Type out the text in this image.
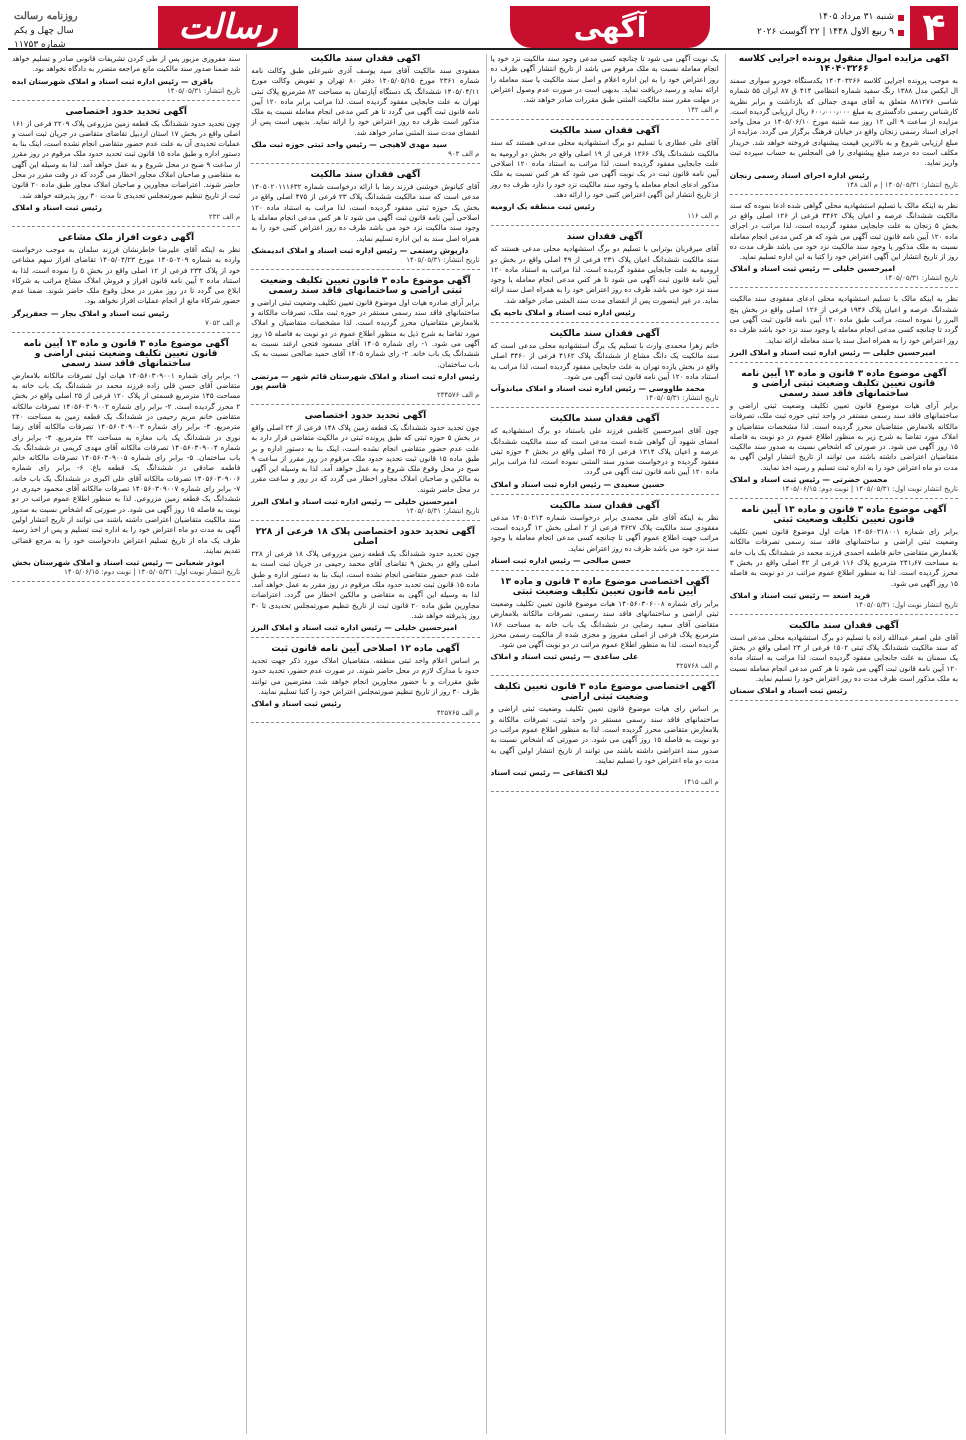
۴
شنبه ۳۱ مرداد ۱۴۰۵
۹ ربیع الاول ۱۴۴۸ | ۲۲ آگوست ۲۰۲۶
آگهی
رسالت
روزنامه رسالت
سال چهل و یکم
شماره ۱۱۷۵۳
آگهی مزایده اموال منقول پرونده اجرایی کلاسه ۱۴۰۴۰۳۲۶۶
به موجب پرونده اجرایی کلاسه ۱۴۰۴۰۳۲۶۶ یکدستگاه خودرو سواری سمند ال ایکس مدل ۱۳۸۸ رنگ سفید شماره انتظامی ۴۱۴ ق ۸۷ ایران ۵۵ شماره شاسی ۸۸۱۲۷۶ متعلق به آقای مهدی جمالی که بازداشت و برابر نظریه کارشناس رسمی دادگستری به مبلغ ۶۰۰٫۰۰۰٫۰۰۰ ریال ارزیابی گردیده است. مزایده از ساعت ۹ الی ۱۲ روز سه شنبه مورخ ۱۴۰۵/۰۶/۱۰ در محل واحد اجرای اسناد رسمی زنجان واقع در خیابان فرهنگ برگزار می گردد. مزایده از مبلغ ارزیابی شروع و به بالاترین قیمت پیشنهادی فروخته خواهد شد. خریدار مکلف است ده درصد مبلغ پیشنهادی را فی المجلس به حساب سپرده ثبت واریز نماید.
رئیس اداره اجرای اسناد رسمی زنجان
تاریخ انتشار: ۱۴۰۵/۰۵/۳۱ | م الف ۱۴۸
نظر به اینکه مالک با تسلیم استشهادیه محلی گواهی شده ادعا نموده که سند مالکیت ششدانگ عرصه و اعیان پلاک ۳۴۶۲ فرعی از ۱۲۶ اصلی واقع در بخش ۵ زنجان به علت جابجایی مفقود گردیده است، لذا مراتب در اجرای ماده ۱۲۰ آیین نامه قانون ثبت آگهی می شود که هر کس مدعی انجام معامله نسبت به ملک مذکور یا وجود سند مالکیت نزد خود می باشد ظرف مدت ده روز از تاریخ انتشار این آگهی اعتراض خود را کتبا به این اداره تسلیم نماید.
امیرحسین خلیلی — رئیس ثبت اسناد و املاک
تاریخ انتشار: ۱۴۰۵/۰۵/۳۱
نظر به اینکه مالک با تسلیم استشهادیه محلی ادعای مفقودی سند مالکیت ششدانگ عرصه و اعیان پلاک ۱۹۴۶ فرعی از ۱۲۶ اصلی واقع در بخش پنج البرز را نموده است، مراتب طبق ماده ۱۲۰ آیین نامه قانون ثبت آگهی می گردد تا چنانچه کسی مدعی انجام معامله یا وجود سند نزد خود باشد ظرف ده روز اعتراض خود را به همراه اصل سند یا سند معامله ارائه نماید.
امیرحسین خلیلی — رئیس اداره ثبت اسناد و املاک البرز
آگهی موضوع ماده ۳ قانون و ماده ۱۳ آیین نامه قانون تعیین تکلیف وضعیت ثبتی اراضی و ساختمانهای فاقد سند رسمی
برابر آرای هیات موضوع قانون تعیین تکلیف وضعیت ثبتی اراضی و ساختمانهای فاقد سند رسمی مستقر در واحد ثبتی حوزه ثبت ملک، تصرفات مالکانه بلامعارض متقاضیان محرز گردیده است. لذا مشخصات متقاضیان و املاک مورد تقاضا به شرح زیر به منظور اطلاع عموم در دو نوبت به فاصله ۱۵ روز آگهی می شود. در صورتی که اشخاص نسبت به صدور سند مالکیت متقاضیان اعتراضی داشته باشند می توانند از تاریخ انتشار اولین آگهی به مدت دو ماه اعتراض خود را به اداره ثبت تسلیم و رسید اخذ نمایند.
محسن حضرتی — رئیس ثبت اسناد و املاک
تاریخ انتشار نوبت اول: ۱۴۰۵/۰۵/۳۱ | نوبت دوم: ۱۴۰۵/۰۶/۱۵
آگهی موضوع ماده ۳ قانون و ماده ۱۳ آیین نامه قانون تعیین تکلیف وضعیت ثبتی
برابر رای شماره ۱۴۰۵۶۰۳۱۸۰۰۱ هیات اول موضوع قانون تعیین تکلیف وضعیت ثبتی اراضی و ساختمانهای فاقد سند رسمی تصرفات مالکانه بلامعارض متقاضی خانم فاطمه احمدی فرزند محمد در ششدانگ یک باب خانه به مساحت ۲۴۱٫۶۷ مترمربع پلاک ۱۱۶ فرعی از ۴۲ اصلی واقع در بخش ۳ محرز گردیده است. لذا به منظور اطلاع عموم مراتب در دو نوبت به فاصله ۱۵ روز آگهی می شود.
فرید اسعد — رئیس ثبت اسناد و املاک
تاریخ انتشار نوبت اول: ۱۴۰۵/۰۵/۳۱
آگهی فقدان سند مالکیت
آقای علی اصغر عبدالله زاده با تسلیم دو برگ استشهادیه محلی مدعی است که سند مالکیت ششدانگ پلاک ثبتی ۱۵۰۲ فرعی از ۲۴ اصلی واقع در بخش یک سمنان به علت جابجایی مفقود گردیده است. لذا مراتب به استناد ماده ۱۲۰ آیین نامه قانون ثبت آگهی می شود تا هر کس مدعی انجام معامله نسبت به ملک مذکور است ظرف مدت ده روز اعتراض خود را تسلیم نماید.
رئیس ثبت اسناد و املاک سمنان
یک نوبت آگهی می شود تا چنانچه کسی مدعی وجود سند مالکیت نزد خود یا انجام معامله نسبت به ملک مرقوم می باشد از تاریخ انتشار آگهی ظرف ده روز اعتراض خود را به این اداره اعلام و اصل سند مالکیت یا سند معامله را ارائه نماید و رسید دریافت نماید. بدیهی است در صورت عدم وصول اعتراض در مهلت مقرر سند مالکیت المثنی طبق مقررات صادر خواهد شد.
م الف ۱۴۲
آگهی فقدان سند مالکیت
آقای علی عطاری با تسلیم دو برگ استشهادیه محلی مدعی هستند که سند مالکیت ششدانگ پلاک ۱۲۶۶ فرعی از ۱۹ اصلی واقع در بخش دو ارومیه به علت جابجایی مفقود گردیده است. لذا مراتب به استناد ماده ۱۲۰ اصلاحی آیین نامه قانون ثبت در یک نوبت آگهی می شود که هر کس نسبت به ملک مذکور ادعای انجام معامله یا وجود سند مالکیت نزد خود را دارد ظرف ده روز از تاریخ انتشار این آگهی اعتراض کتبی خود را ارائه دهد.
رئیس ثبت منطقه یک ارومیه
م الف ۱۱۶
آگهی فقدان سند
آقای میرقربان بوترابی با تسلیم دو برگ استشهادیه محلی مدعی هستند که سند مالکیت ششدانگ اعیان پلاک ۲۳۱ فرعی از ۴۹ اصلی واقع در بخش دو ارومیه به علت جابجایی مفقود گردیده است. لذا مراتب به استناد ماده ۱۲۰ آیین نامه قانون ثبت آگهی می شود تا هر کس مدعی انجام معامله یا وجود سند نزد خود می باشد ظرف ده روز اعتراض خود را به همراه اصل سند ارائه نماید. در غیر اینصورت پس از انقضای مدت سند المثنی صادر خواهد شد.
رئیس اداره ثبت اسناد و املاک ناحیه یک
آگهی فقدان سند مالکیت
خانم زهرا محمدی وارث با تسلیم یک برگ استشهادیه محلی مدعی است که سند مالکیت یک دانگ مشاع از ششدانگ پلاک ۴۱۶۲ فرعی از ۳۴۶۰ اصلی واقع در بخش یازده تهران به علت جابجایی مفقود گردیده است، لذا مراتب به استناد ماده ۱۲۰ آیین نامه قانون ثبت آگهی می شود.
محمد طاووسی — رئیس اداره ثبت اسناد و املاک میاندوآب
تاریخ انتشار: ۱۴۰۵/۰۵/۳۱
آگهی فقدان سند مالکیت
چون آقای امیرحسین کاظمی فرزند علی باستناد دو برگ استشهادیه که امضای شهود آن گواهی شده است مدعی است که سند مالکیت ششدانگ عرصه و اعیان پلاک ۱۳۱۴ فرعی از ۴۵ اصلی واقع در بخش ۴ حوزه ثبتی مفقود گردیده و درخواست صدور سند المثنی نموده است، لذا مراتب برابر ماده ۱۲۰ آیین نامه قانون ثبت آگهی می گردد.
حسین سعیدی — رئیس اداره ثبت اسناد و املاک
آگهی فقدان سند مالکیت
نظر به اینکه آقای علی محمدی برابر درخواست شماره ۱۴۰۵۰۲۱۴ مدعی مفقودی سند مالکیت پلاک ۳۶۲۷ فرعی از ۲ اصلی بخش ۱۲ گردیده است، مراتب جهت اطلاع عموم آگهی تا چنانچه کسی مدعی انجام معامله یا وجود سند نزد خود می باشد ظرف ده روز اعتراض نماید.
حسن صالحی — رئیس اداره ثبت اسناد
آگهی اختصاصی موضوع ماده ۳ قانون و ماده ۱۳ آیین نامه قانون تعیین تکلیف وضعیت ثبتی
برابر رای شماره ۱۴۰۵۶۰۳۰۶۰۰۸ هیات موضوع قانون تعیین تکلیف وضعیت ثبتی اراضی و ساختمانهای فاقد سند رسمی، تصرفات مالکانه بلامعارض متقاضی آقای سعید رضایی در ششدانگ یک باب خانه به مساحت ۱۸۶ مترمربع پلاک فرعی از اصلی مفروز و مجزی شده از مالکیت رسمی محرز گردیده است. لذا به منظور اطلاع عموم مراتب در دو نوبت آگهی می شود.
علی ساعدی — رئیس ثبت اسناد و املاک
م الف ۴۲۵۷۶۸
آگهی اختصاصی موضوع ماده ۳ قانون تعیین تکلیف وضعیت ثبتی اراضی
بر اساس رای هیات موضوع قانون تعیین تکلیف وضعیت ثبتی اراضی و ساختمانهای فاقد سند رسمی مستقر در واحد ثبتی، تصرفات مالکانه و بلامعارض متقاضی محرز گردیده است. لذا به منظور اطلاع عموم مراتب در دو نوبت به فاصله ۱۵ روز آگهی می شود. در صورتی که اشخاص نسبت به صدور سند اعتراضی داشته باشند می توانند از تاریخ انتشار اولین آگهی به مدت دو ماه اعتراض خود را تسلیم نمایند.
لیلا اکتفاعی — رئیس ثبت اسناد
م الف ۱۴۱۵
آگهی فقدان سند مالکیت
مفقودی سند مالکیت آقای سید یوسف آذری شیرعلی طبق وکالت نامه شماره ۲۳۶۱ مورخ ۱۴۰۵/۰۵/۱۵ دفتر ۸۰ تهران و تفویض وکالت مورخ ۱۴۰۵/۰۴/۱۱ ششدانگ یک دستگاه آپارتمان به مساحت ۸۲ مترمربع پلاک ثبتی تهران به علت جابجایی مفقود گردیده است. لذا مراتب برابر ماده ۱۲۰ آیین نامه قانون ثبت آگهی می گردد تا هر کس مدعی انجام معامله نسبت به ملک مذکور است ظرف ده روز اعتراض خود را ارائه نماید. بدیهی است پس از انقضای مدت سند المثنی صادر خواهد شد.
سید مهدی لاهیجی — رئیس واحد ثبتی حوزه ثبت ملک
م الف ۹۰۴
آگهی فقدان سند مالکیت
آقای کیانوش خوشنی فرزند رضا با ارائه درخواست شماره ۱۴۰۵۰۲۰۱۱۱۶۳۲ مدعی است که سند مالکیت ششدانگ پلاک ۲۳ فرعی از ۴۷۵ اصلی واقع در بخش یک حوزه ثبتی مفقود گردیده است، لذا مراتب به استناد ماده ۱۲۰ اصلاحی آیین نامه قانون ثبت آگهی می شود تا هر کس مدعی انجام معامله یا وجود سند مالکیت نزد خود می باشد ظرف ده روز اعتراض کتبی خود را به همراه اصل سند به این اداره تسلیم نماید.
داریوش رستمی — رئیس اداره ثبت اسناد و املاک اندیمشک
تاریخ انتشار: ۱۴۰۵/۰۵/۳۱
آگهی موضوع ماده ۳ قانون تعیین تکلیف وضعیت ثبتی اراضی و ساختمانهای فاقد سند رسمی
برابر آرای صادره هیات اول موضوع قانون تعیین تکلیف وضعیت ثبتی اراضی و ساختمانهای فاقد سند رسمی مستقر در حوزه ثبت ملک، تصرفات مالکانه و بلامعارض متقاضیان محرز گردیده است. لذا مشخصات متقاضیان و املاک مورد تقاضا به شرح ذیل به منظور اطلاع عموم در دو نوبت به فاصله ۱۵ روز آگهی می شود. ۱- رای شماره ۱۴۰۵ آقای مسعود فتحی ارغند نسبت به ششدانگ یک باب خانه. ۲- رای شماره ۱۴۰۵ آقای حمید صالحی نسبت به یک باب ساختمان.
رئیس اداره ثبت اسناد و املاک شهرستان قائم شهر — مرتضی قاسم پور
م الف ۲۳۴۵۷۶
آگهی تحدید حدود اختصاصی
چون تحدید حدود ششدانگ یک قطعه زمین پلاک ۱۴۸ فرعی از ۲۴ اصلی واقع در بخش ۵ حوزه ثبتی که طبق پرونده ثبتی در مالکیت متقاضی قرار دارد به علت عدم حضور متقاضی انجام نشده است، اینک بنا به دستور اداره و بر طبق ماده ۱۵ قانون ثبت تحدید حدود ملک مرقوم در روز مقرر از ساعت ۹ صبح در محل وقوع ملک شروع و به عمل خواهد آمد. لذا به وسیله این آگهی به مالکین و صاحبان املاک مجاور اخطار می گردد که در روز و ساعت مقرر در محل حاضر شوند.
امیرحسین خلیلی — رئیس اداره ثبت اسناد و املاک البرز
تاریخ انتشار: ۱۴۰۵/۰۵/۳۱
آگهی تحدید حدود اختصاصی پلاک ۱۸ فرعی از ۲۲۸ اصلی
چون تحدید حدود ششدانگ یک قطعه زمین مزروعی پلاک ۱۸ فرعی از ۲۲۸ اصلی واقع در بخش ۹ تقاضای آقای محمد رحیمی در جریان ثبت است به علت عدم حضور متقاضی انجام نشده است، اینک بنا به دستور اداره و طبق ماده ۱۵ قانون ثبت تحدید حدود ملک مرقوم در روز مقرر به عمل خواهد آمد. لذا به وسیله این آگهی به متقاضی و مالکین اخطار می گردد. اعتراضات مجاورین طبق ماده ۲۰ قانون ثبت از تاریخ تنظیم صورتمجلس تحدیدی تا ۳۰ روز پذیرفته خواهد شد.
امیرحسین خلیلی — رئیس اداره ثبت اسناد و املاک البرز
آگهی ماده ۱۲ اصلاحی آیین نامه قانون ثبت
بر اساس اعلام واحد ثبتی منطقه، متقاضیان املاک مورد ذکر جهت تحدید حدود با مدارک لازم در محل حاضر شوند. در صورت عدم حضور، تحدید حدود طبق مقررات و با حضور مجاورین انجام خواهد شد. معترضین می توانند ظرف ۳۰ روز از تاریخ تنظیم صورتمجلس اعتراض خود را کتبا تسلیم نمایند.
رئیس ثبت اسناد و املاک
م الف ۴۲۵۷۶۵
سند مفروزی مزبور پس از طی کردن تشریفات قانونی صادر و تسلیم خواهد شد ضمنا صدور سند مالکیت مانع مراجعه متضرر به دادگاه نخواهد بود.
باقری — رئیس اداره ثبت اسناد و املاک شهرستان ابده
تاریخ انتشار: ۱۴۰۵/۰۵/۳۱
آگهی تحدید حدود اختصاصی
چون تحدید حدود ششدانگ یک قطعه زمین مزروعی پلاک ۲۲۰۹ فرعی از ۱۶۱ اصلی واقع در بخش ۱۷ استان اردبیل تقاضای متقاضی در جریان ثبت است و عملیات تحدیدی آن به علت عدم حضور متقاضی انجام نشده است، اینک بنا به دستور اداره و طبق ماده ۱۵ قانون ثبت تحدید حدود ملک مرقوم در روز مقرر از ساعت ۹ صبح در محل شروع و به عمل خواهد آمد. لذا به وسیله این آگهی به متقاضی و صاحبان املاک مجاور اخطار می گردد که در وقت مقرر در محل حاضر شوند. اعتراضات مجاورین و صاحبان املاک مجاور طبق ماده ۲۰ قانون ثبت از تاریخ تنظیم صورتمجلس تحدیدی تا مدت ۳۰ روز پذیرفته خواهد شد.
رئیس ثبت اسناد و املاک
م الف ۲۳۲
آگهی دعوت افراز ملک مشاعی
نظر به اینکه آقای علیرضا خاطرنشان فرزند سلمان به موجب درخواست وارده به شماره ۱۴۰۵۰۲۰۹ مورخ ۱۴۰۵/۰۴/۲۳ تقاضای افراز سهم مشاعی خود از پلاک ۲۳۴ فرعی از ۱۲ اصلی واقع در بخش ۵ را نموده است، لذا به استناد ماده ۲ آیین نامه قانون افراز و فروش املاک مشاع مراتب به شرکاء ابلاغ می گردد تا در روز مقرر در محل وقوع ملک حاضر شوند. ضمنا عدم حضور شرکاء مانع از انجام عملیات افراز نخواهد بود.
رئیس ثبت اسناد و املاک بجار — جعفرپرگر
م الف ۷۰۵۲
آگهی موضوع ماده ۳ قانون و ماده ۱۳ آیین نامه قانون تعیین تکلیف وضعیت ثبتی اراضی و ساختمانهای فاقد سند رسمی
۱- برابر رای شماره ۱۴۰۵۶۰۳۰۹۰۰۱ هیات اول تصرفات مالکانه بلامعارض متقاضی آقای حسن قلی زاده فرزند محمد در ششدانگ یک باب خانه به مساحت ۱۴۵ مترمربع قسمتی از پلاک ۱۲۰ فرعی از ۲۵ اصلی واقع در بخش ۲ محرز گردیده است. ۲- برابر رای شماره ۱۴۰۵۶۰۳۰۹۰۰۲ تصرفات مالکانه متقاضی خانم مریم رحیمی در ششدانگ یک قطعه زمین به مساحت ۲۴۰ مترمربع. ۳- برابر رای شماره ۱۴۰۵۶۰۳۰۹۰۰۳ تصرفات مالکانه آقای رضا نوری در ششدانگ یک باب مغازه به مساحت ۳۲ مترمربع. ۴- برابر رای شماره ۱۴۰۵۶۰۳۰۹۰۰۴ تصرفات مالکانه آقای مهدی کریمی در ششدانگ یک باب ساختمان. ۵- برابر رای شماره ۱۴۰۵۶۰۳۰۹۰۰۵ تصرفات مالکانه خانم فاطمه صادقی در ششدانگ یک قطعه باغ. ۶- برابر رای شماره ۱۴۰۵۶۰۳۰۹۰۰۶ تصرفات مالکانه آقای علی اکبری در ششدانگ یک باب خانه. ۷- برابر رای شماره ۱۴۰۵۶۰۳۰۹۰۰۷ تصرفات مالکانه آقای محمود حیدری در ششدانگ یک قطعه زمین مزروعی. لذا به منظور اطلاع عموم مراتب در دو نوبت به فاصله ۱۵ روز آگهی می شود. در صورتی که اشخاص نسبت به صدور سند مالکیت متقاضیان اعتراضی داشته باشند می توانند از تاریخ انتشار اولین آگهی به مدت دو ماه اعتراض خود را به اداره ثبت تسلیم و پس از اخذ رسید ظرف یک ماه از تاریخ تسلیم اعتراض دادخواست خود را به مرجع قضائی تقدیم نمایند.
ابوذر شعبانی — رئیس ثبت اسناد و املاک شهرستان بخش
تاریخ انتشار نوبت اول: ۱۴۰۵/۰۵/۳۱ | نوبت دوم: ۱۴۰۵/۰۶/۱۵
